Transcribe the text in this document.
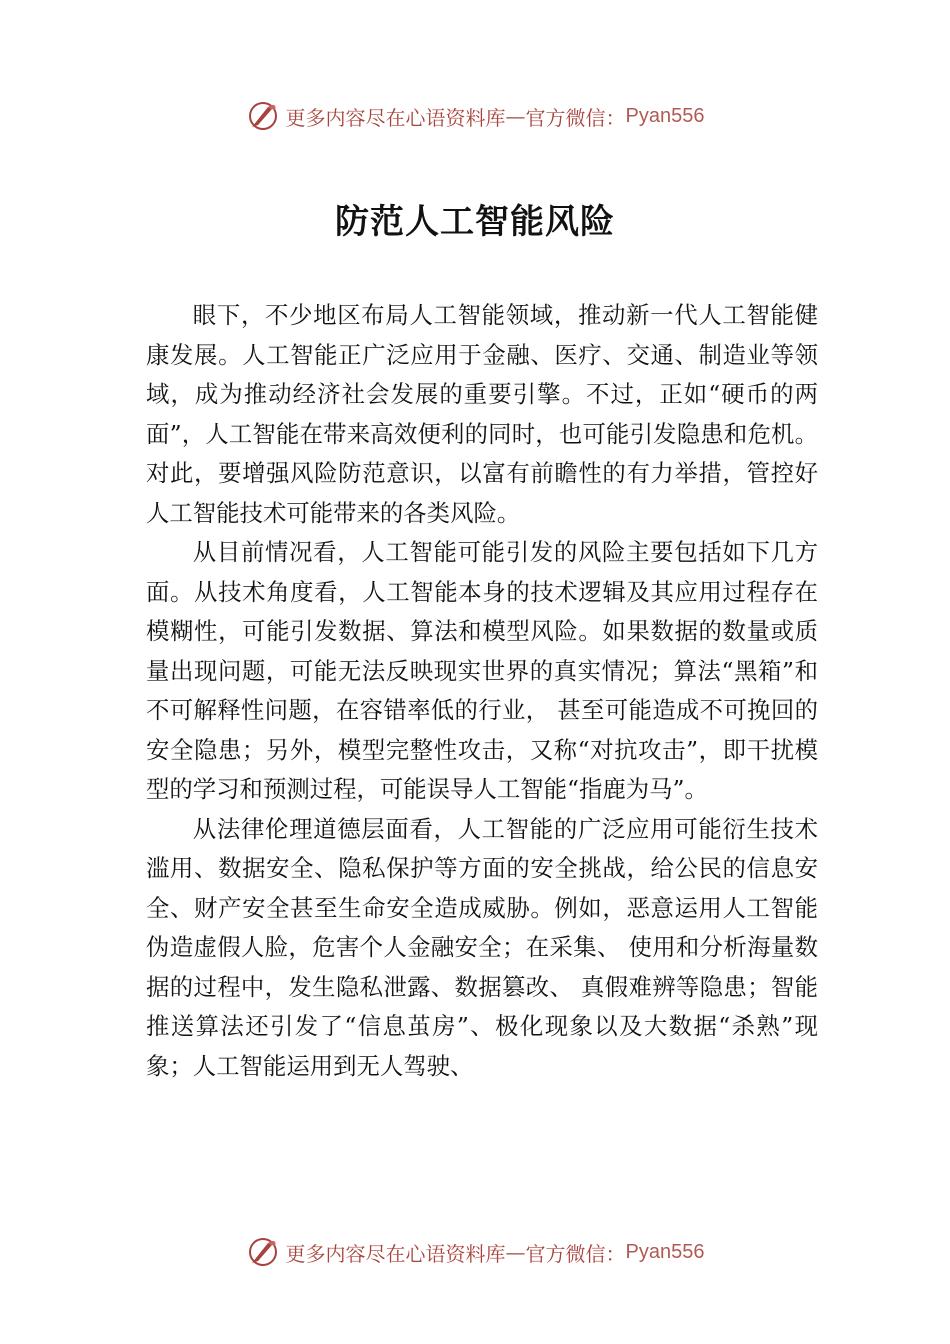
更多内容尽在心语资料库 — 官方微信： Pyan556
防范人工智能风险

眼下，不少地区布局人工智能领域，推动新一代人工智能健康发展。人工智能正广泛应用于金融、医疗、交通、制造业等领域，成为推动经济社会发展的重要引擎。不过，正如“硬币的两面”，人工智能在带来高效便利的同时，也可能引发隐患和危机。对此，要增强风险防范意识，以富有前瞻性的有力举措，管控好人工智能技术可能带来的各类风险。

从目前情况看，人工智能可能引发的风险主要包括如下几方面。从技术角度看，人工智能本身的技术逻辑及其应用过程存在模糊性，可能引发数据、算法和模型风险。如果数据的数量或质量出现问题，可能无法反映现实世界的真实情况；算法“黑箱”和不可解释性问题，在容错率低的行业， 甚至可能造成不可挽回的安全隐患；另外，模型完整性攻击，又称“对抗攻击”，即干扰模型的学习和预测过程，可能误导人工智能“指鹿为马”。

从法律伦理道德层面看，人工智能的广泛应用可能衍生技术滥用、数据安全、隐私保护等方面的安全挑战，给公民的信息安全、财产安全甚至生命安全造成威胁。例如，恶意运用人工智能伪造虚假人脸，危害个人金融安全；在采集、 使用和分析海量数据的过程中，发生隐私泄露、数据篡改、 真假难辨等隐患；智能推送算法还引发了“信息茧房”、极化现象以及大数据“杀熟”现象；人工智能运用到无人驾驶、

更多内容尽在心语资料库 — 官方微信： Pyan556
